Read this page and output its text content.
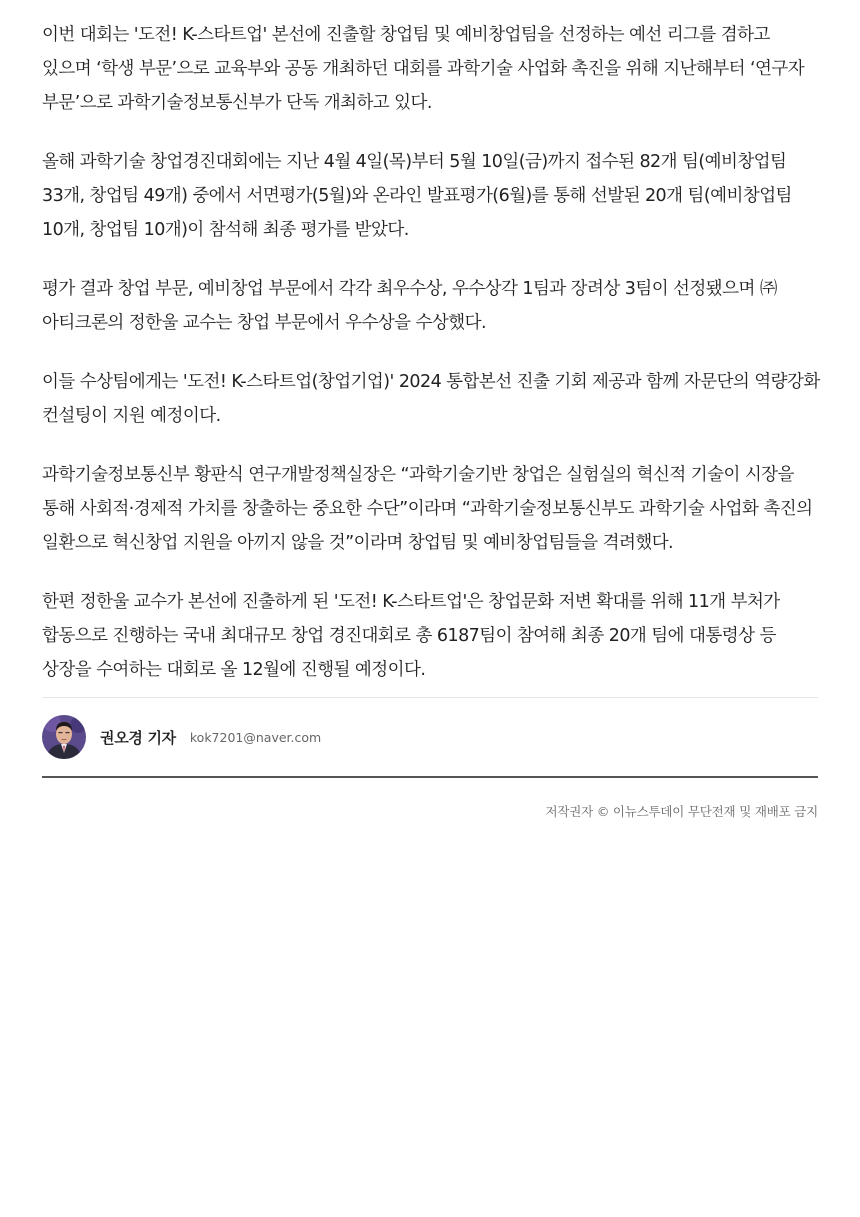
이번 대회는 '도전! K-스타트업' 본선에 진출할 창업팀 및 예비창업팀을 선정하는 예선 리그를 겸하고 있으며 ‘학생 부문’으로 교육부와 공동 개최하던 대회를 과학기술 사업화 촉진을 위해 지난해부터 ‘연구자 부문’으로 과학기술정보통신부가 단독 개최하고 있다.

올해 과학기술 창업경진대회에는 지난 4월 4일(목)부터 5월 10일(금)까지 접수된 82개 팀(예비창업팀 33개, 창업팀 49개) 중에서 서면평가(5월)와 온라인 발표평가(6월)를 통해 선발된 20개 팀(예비창업팀 10개, 창업팀 10개)이 참석해 최종 평가를 받았다.

평가 결과 창업 부문, 예비창업 부문에서 각각 최우수상, 우수상각 1팀과 장려상 3팀이 선정됐으며 ㈜아티크론의 정한울 교수는 창업 부문에서 우수상을 수상했다.

이들 수상팀에게는 '도전! K-스타트업(창업기업)' 2024 통합본선 진출 기회 제공과 함께 자문단의 역량강화 컨설팅이 지원 예정이다.

과학기술정보통신부 황판식 연구개발정책실장은 “과학기술기반 창업은 실험실의 혁신적 기술이 시장을 통해 사회적·경제적 가치를 창출하는 중요한 수단”이라며 “과학기술정보통신부도 과학기술 사업화 촉진의 일환으로 혁신창업 지원을 아끼지 않을 것”이라며 창업팀 및 예비창업팀들을 격려했다.

한편 정한울 교수가 본선에 진출하게 된 '도전! K-스타트업'은 창업문화 저변 확대를 위해 11개 부처가 합동으로 진행하는 국내 최대규모 창업 경진대회로 총 6187팀이 참여해 최종 20개 팀에 대통령상 등 상장을 수여하는 대회로 올 12월에 진행될 예정이다.

권오경 기자 kok7201@naver.com
저작권자 © 이뉴스투데이 무단전재 및 재배포 금지
